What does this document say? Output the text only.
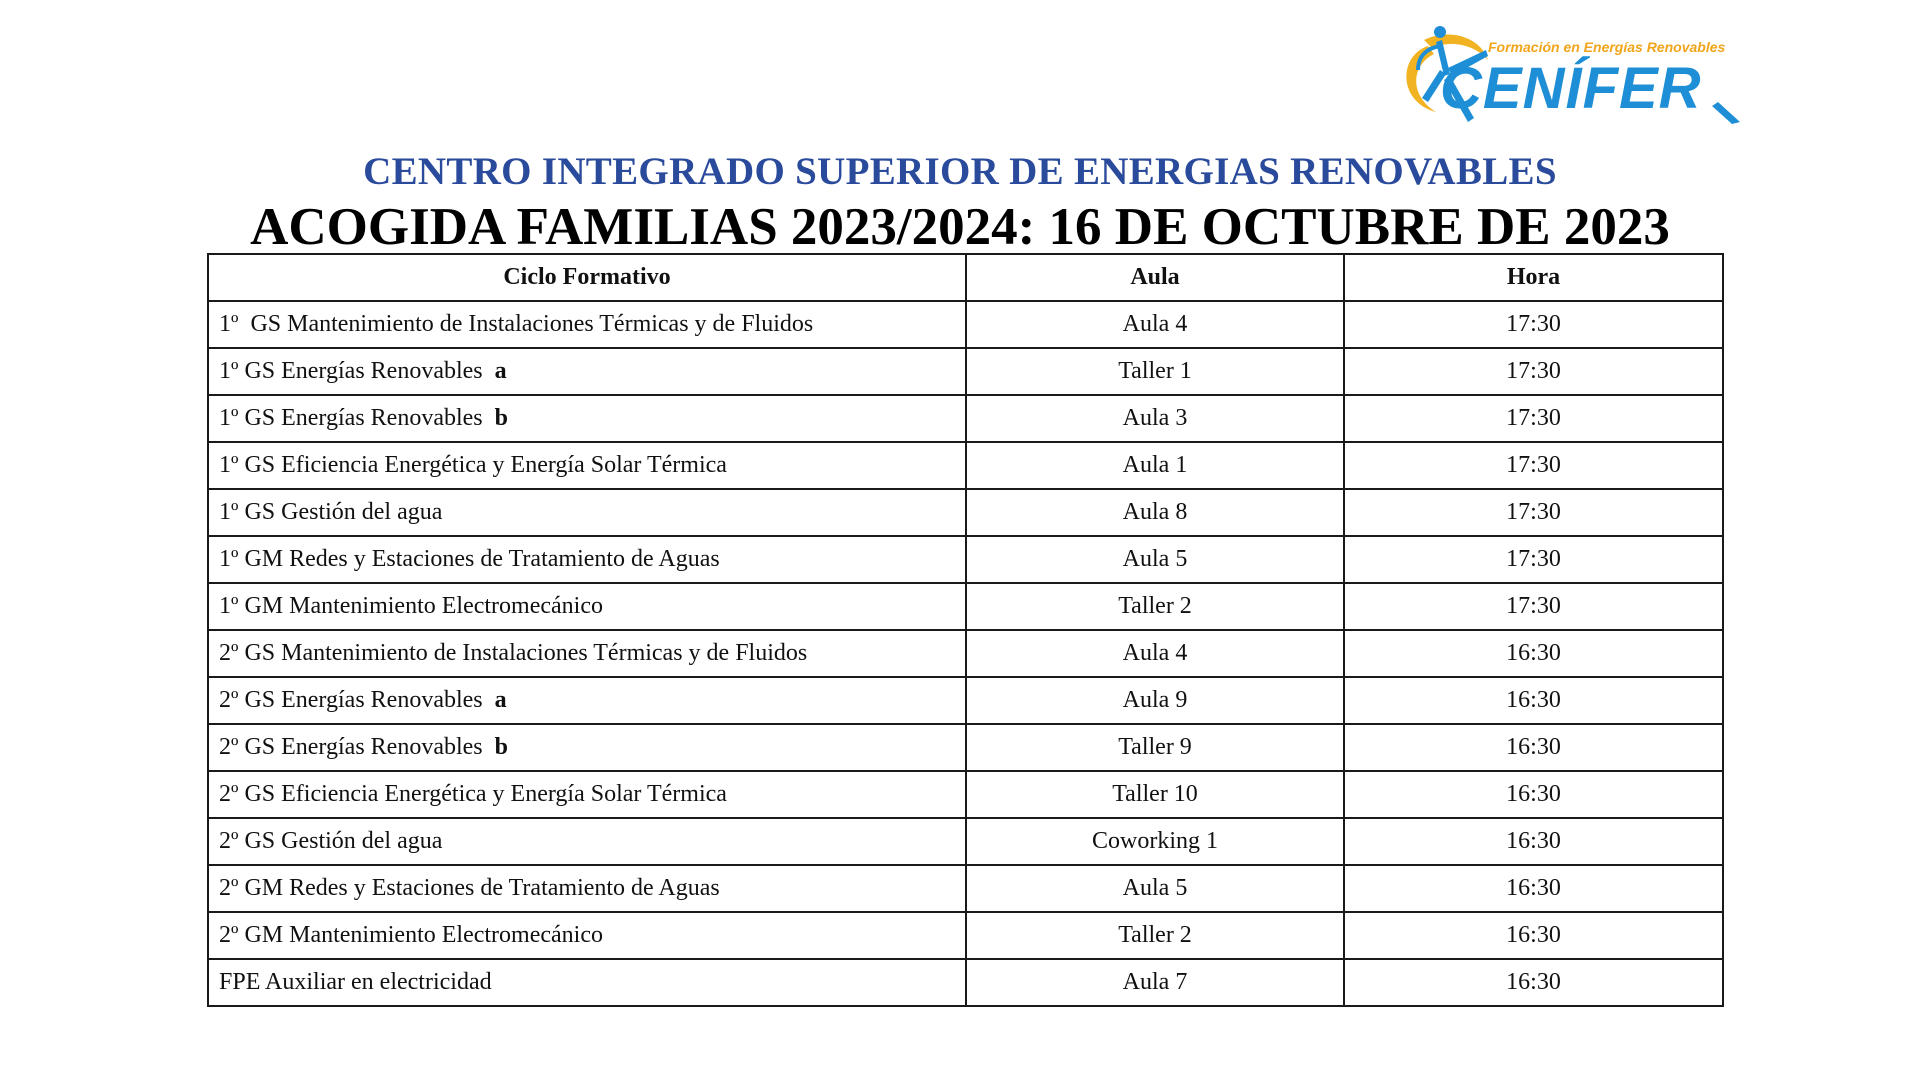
Formación en Energías Renovables
CENÍFER
CENTRO INTEGRADO SUPERIOR DE ENERGIAS RENOVABLES
ACOGIDA FAMILIAS 2023/2024: 16 DE OCTUBRE DE 2023
Ciclo Formativo	Aula	Hora
1º  GS Mantenimiento de Instalaciones Térmicas y de Fluidos	Aula 4	17:30
1º GS Energías Renovables  a	Taller 1	17:30
1º GS Energías Renovables  b	Aula 3	17:30
1º GS Eficiencia Energética y Energía Solar Térmica	Aula 1	17:30
1º GS Gestión del agua	Aula 8	17:30
1º GM Redes y Estaciones de Tratamiento de Aguas	Aula 5	17:30
1º GM Mantenimiento Electromecánico	Taller 2	17:30
2º GS Mantenimiento de Instalaciones Térmicas y de Fluidos	Aula 4	16:30
2º GS Energías Renovables  a	Aula 9	16:30
2º GS Energías Renovables  b	Taller 9	16:30
2º GS Eficiencia Energética y Energía Solar Térmica	Taller 10	16:30
2º GS Gestión del agua	Coworking 1	16:30
2º GM Redes y Estaciones de Tratamiento de Aguas	Aula 5	16:30
2º GM Mantenimiento Electromecánico	Taller 2	16:30
FPE Auxiliar en electricidad	Aula 7	16:30
